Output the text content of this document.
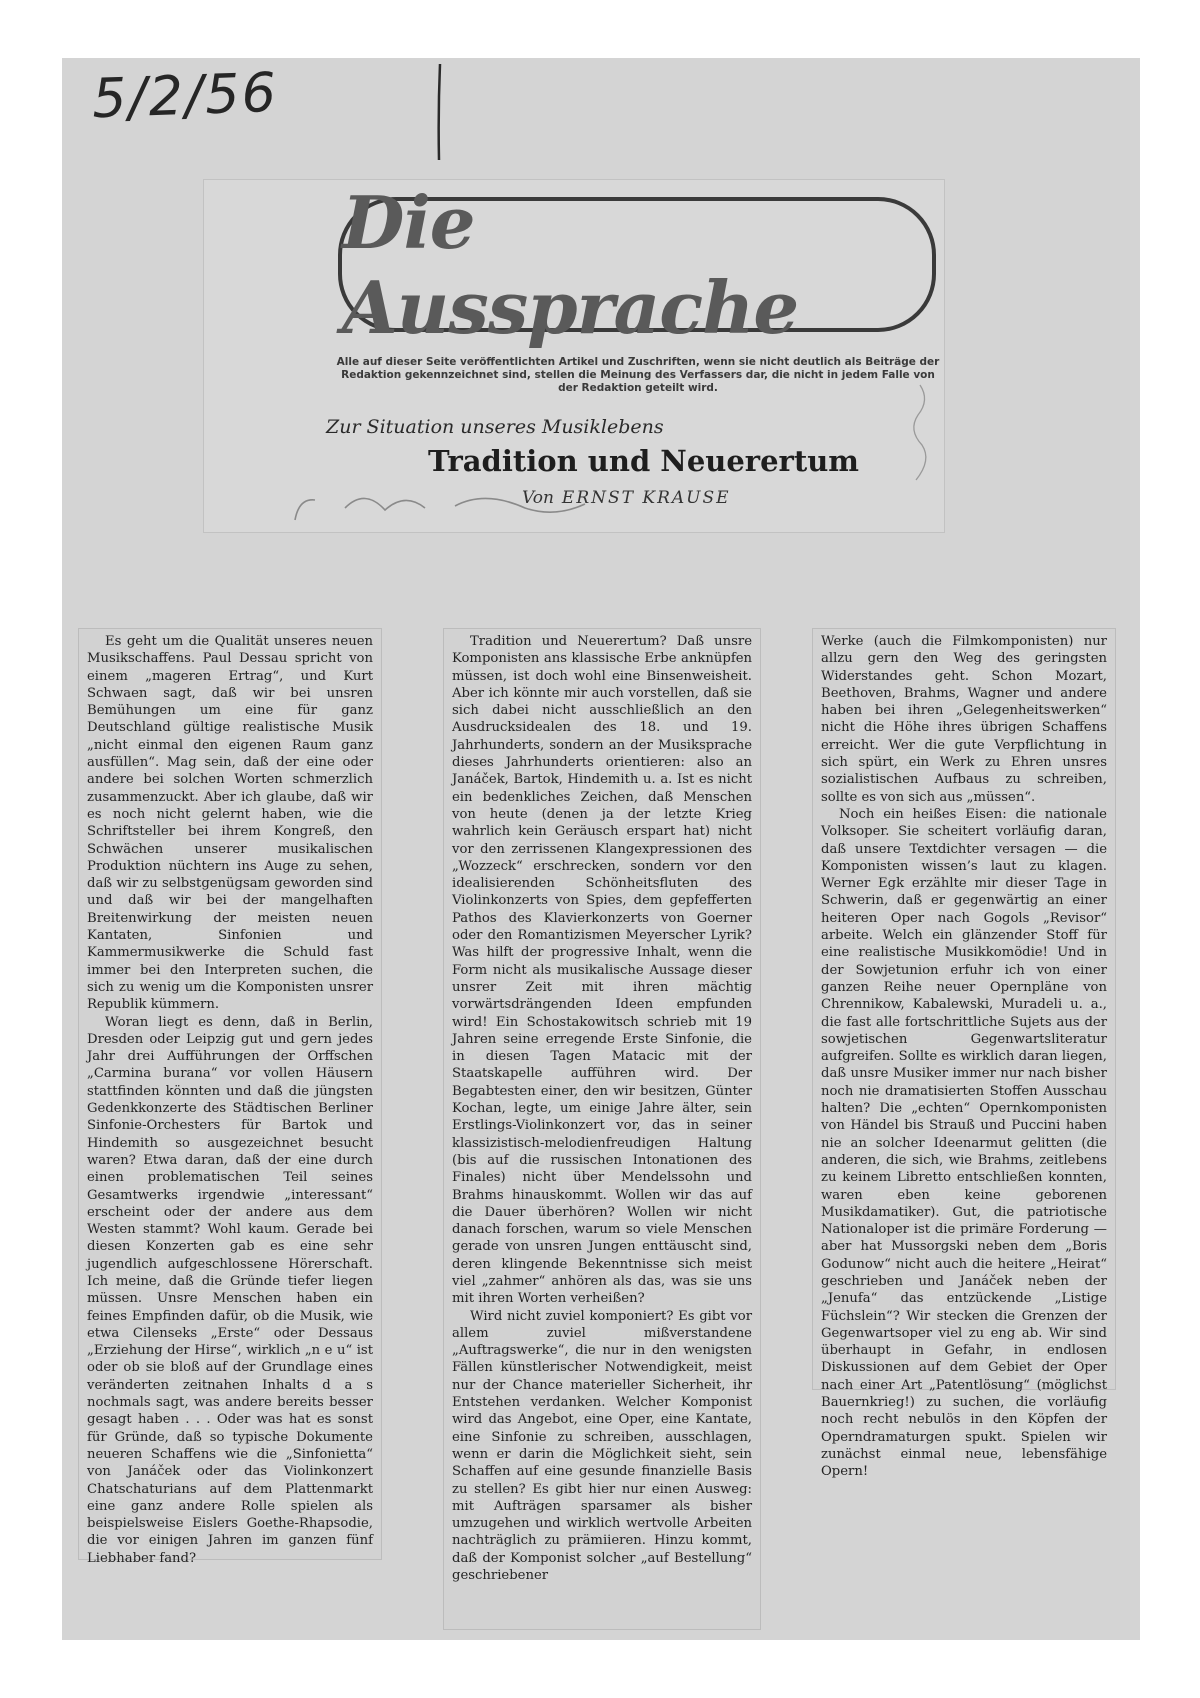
5/2/56
Die Aussprache
Alle auf dieser Seite veröffentlichten Artikel und Zuschriften, wenn sie nicht deutlich als Beiträge der Redaktion gekennzeichnet sind, stellen die Meinung des Verfassers dar, die nicht in jedem Falle von der Redaktion geteilt wird.
Zur Situation unseres Musiklebens
Tradition und Neuerertum
Von ERNST KRAUSE

Es geht um die Qualität unseres neuen Musikschaffens. Paul Dessau spricht von einem „mageren Ertrag“, und Kurt Schwaen sagt, daß wir bei unsren Bemühungen um eine für ganz Deutschland gültige realistische Musik „nicht einmal den eigenen Raum ganz ausfüllen“. Mag sein, daß der eine oder andere bei solchen Worten schmerzlich zusammenzuckt. Aber ich glaube, daß wir es noch nicht gelernt haben, wie die Schriftsteller bei ihrem Kongreß, den Schwächen unserer musikalischen Produktion nüchtern ins Auge zu sehen, daß wir zu selbstgenügsam geworden sind und daß wir bei der mangelhaften Breitenwirkung der meisten neuen Kantaten, Sinfonien und Kammermusikwerke die Schuld fast immer bei den Interpreten suchen, die sich zu wenig um die Komponisten unsrer Republik kümmern.

Woran liegt es denn, daß in Berlin, Dresden oder Leipzig gut und gern jedes Jahr drei Aufführungen der Orffschen „Carmina burana“ vor vollen Häusern stattfinden könnten und daß die jüngsten Gedenkkonzerte des Städtischen Berliner Sinfonie-Orchesters für Bartok und Hindemith so ausgezeichnet besucht waren? Etwa daran, daß der eine durch einen problematischen Teil seines Gesamtwerks irgendwie „interessant“ erscheint oder der andere aus dem Westen stammt? Wohl kaum. Gerade bei diesen Konzerten gab es eine sehr jugendlich aufgeschlossene Hörerschaft. Ich meine, daß die Gründe tiefer liegen müssen. Unsre Menschen haben ein feines Empfinden dafür, ob die Musik, wie etwa Cilenseks „Erste“ oder Dessaus „Erziehung der Hirse“, wirklich „n e u“ ist oder ob sie bloß auf der Grundlage eines veränderten zeitnahen Inhalts d a s nochmals sagt, was andere bereits besser gesagt haben . . . Oder was hat es sonst für Gründe, daß so typische Dokumente neueren Schaffens wie die „Sinfonietta“ von Janáček oder das Violinkonzert Chatschaturians auf dem Plattenmarkt eine ganz andere Rolle spielen als beispielsweise Eislers Goethe-Rhapsodie, die vor einigen Jahren im ganzen fünf Liebhaber fand?

Tradition und Neuerertum? Daß unsre Komponisten ans klassische Erbe anknüpfen müssen, ist doch wohl eine Binsenweisheit. Aber ich könnte mir auch vorstellen, daß sie sich dabei nicht ausschließlich an den Ausdrucksidealen des 18. und 19. Jahrhunderts, sondern an der Musiksprache dieses Jahrhunderts orientieren: also an Janáček, Bartok, Hindemith u. a. Ist es nicht ein bedenkliches Zeichen, daß Menschen von heute (denen ja der letzte Krieg wahrlich kein Geräusch erspart hat) nicht vor den zerrissenen Klangexpressionen des „Wozzeck“ erschrecken, sondern vor den idealisierenden Schönheitsfluten des Violinkonzerts von Spies, dem gepfefferten Pathos des Klavierkonzerts von Goerner oder den Romantizismen Meyerscher Lyrik? Was hilft der progressive Inhalt, wenn die Form nicht als musikalische Aussage dieser unsrer Zeit mit ihren mächtig vorwärtsdrängenden Ideen empfunden wird! Ein Schostakowitsch schrieb mit 19 Jahren seine erregende Erste Sinfonie, die in diesen Tagen Matacic mit der Staatskapelle aufführen wird. Der Begabtesten einer, den wir besitzen, Günter Kochan, legte, um einige Jahre älter, sein Erstlings-Violinkonzert vor, das in seiner klassizistisch-melodienfreudigen Haltung (bis auf die russischen Intonationen des Finales) nicht über Mendelssohn und Brahms hinauskommt. Wollen wir das auf die Dauer überhören? Wollen wir nicht danach forschen, warum so viele Menschen gerade von unsren Jungen enttäuscht sind, deren klingende Bekenntnisse sich meist viel „zahmer“ anhören als das, was sie uns mit ihren Worten verheißen?

Wird nicht zuviel komponiert? Es gibt vor allem zuviel mißverstandene „Auftragswerke“, die nur in den wenigsten Fällen künstlerischer Notwendigkeit, meist nur der Chance materieller Sicherheit, ihr Entstehen verdanken. Welcher Komponist wird das Angebot, eine Oper, eine Kantate, eine Sinfonie zu schreiben, ausschlagen, wenn er darin die Möglichkeit sieht, sein Schaffen auf eine gesunde finanzielle Basis zu stellen? Es gibt hier nur einen Ausweg: mit Aufträgen sparsamer als bisher umzugehen und wirklich wertvolle Arbeiten nachträglich zu prämiieren. Hinzu kommt, daß der Komponist solcher „auf Bestellung“ geschriebener

Werke (auch die Filmkomponisten) nur allzu gern den Weg des geringsten Widerstandes geht. Schon Mozart, Beethoven, Brahms, Wagner und andere haben bei ihren „Gelegenheitswerken“ nicht die Höhe ihres übrigen Schaffens erreicht. Wer die gute Verpflichtung in sich spürt, ein Werk zu Ehren unsres sozialistischen Aufbaus zu schreiben, sollte es von sich aus „müssen“.

Noch ein heißes Eisen: die nationale Volksoper. Sie scheitert vorläufig daran, daß unsere Textdichter versagen — die Komponisten wissen’s laut zu klagen. Werner Egk erzählte mir dieser Tage in Schwerin, daß er gegenwärtig an einer heiteren Oper nach Gogols „Revisor“ arbeite. Welch ein glänzender Stoff für eine realistische Musikkomödie! Und in der Sowjetunion erfuhr ich von einer ganzen Reihe neuer Opernpläne von Chrennikow, Kabalewski, Muradeli u. a., die fast alle fortschrittliche Sujets aus der sowjetischen Gegenwartsliteratur aufgreifen. Sollte es wirklich daran liegen, daß unsre Musiker immer nur nach bisher noch nie dramatisierten Stoffen Ausschau halten? Die „echten“ Opernkomponisten von Händel bis Strauß und Puccini haben nie an solcher Ideenarmut gelitten (die anderen, die sich, wie Brahms, zeitlebens zu keinem Libretto entschließen konnten, waren eben keine geborenen Musikdamatiker). Gut, die patriotische Nationaloper ist die primäre Forderung — aber hat Mussorgski neben dem „Boris Godunow“ nicht auch die heitere „Heirat“ geschrieben und Janáček neben der „Jenufa“ das entzückende „Listige Füchslein“? Wir stecken die Grenzen der Gegenwartsoper viel zu eng ab. Wir sind überhaupt in Gefahr, in endlosen Diskussionen auf dem Gebiet der Oper nach einer Art „Patentlösung“ (möglichst Bauernkrieg!) zu suchen, die vorläufig noch recht nebulös in den Köpfen der Operndramaturgen spukt. Spielen wir zunächst einmal neue, lebensfähige Opern!
